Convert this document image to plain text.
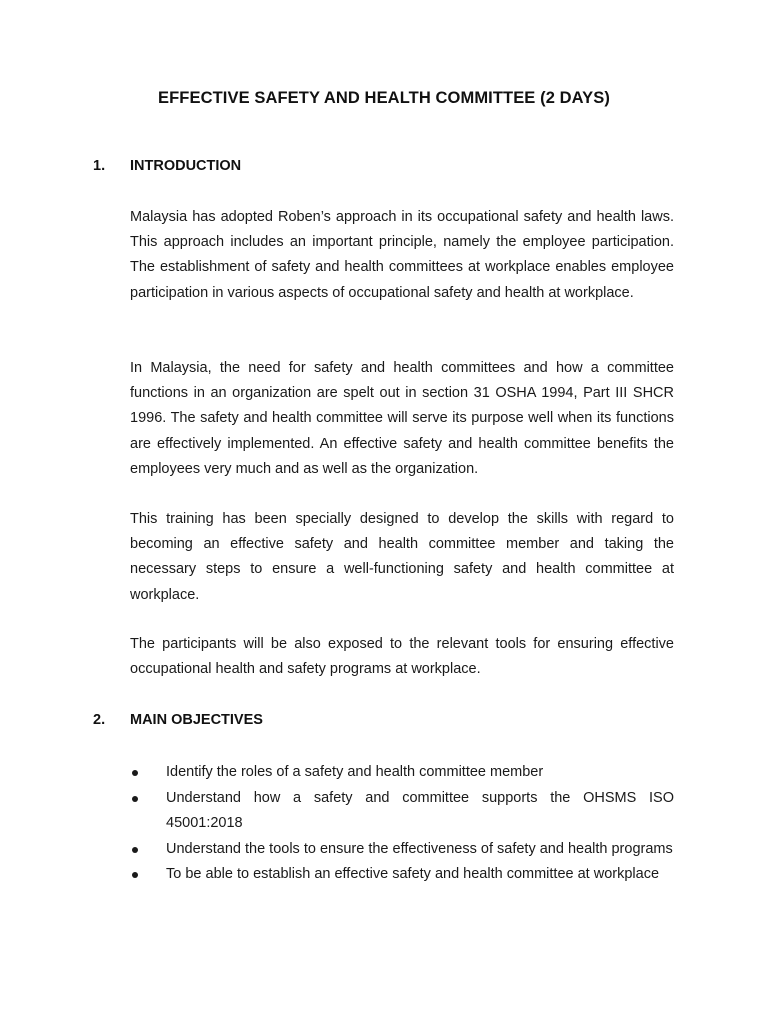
EFFECTIVE SAFETY AND HEALTH COMMITTEE (2 DAYS)
1. INTRODUCTION

Malaysia has adopted Roben’s approach in its occupational safety and health laws. This approach includes an important principle, namely the employee participation. The establishment of safety and health committees at workplace enables employee participation in various aspects of occupational safety and health at workplace.

In Malaysia, the need for safety and health committees and how a committee functions in an organization are spelt out in section 31 OSHA 1994, Part III SHCR 1996. The safety and health committee will serve its purpose well when its functions are effectively implemented. An effective safety and health committee benefits the employees very much and as well as the organization.

This training has been specially designed to develop the skills with regard to becoming an effective safety and health committee member and taking the necessary steps to ensure a well-functioning safety and health committee at workplace.

The participants will be also exposed to the relevant tools for ensuring effective occupational health and safety programs at workplace.

2. MAIN OBJECTIVES
Identify the roles of a safety and health committee member
Understand how a safety and committee supports the OHSMS ISO 45001:2018
Understand the tools to ensure the effectiveness of safety and health programs
To be able to establish an effective safety and health committee at workplace
